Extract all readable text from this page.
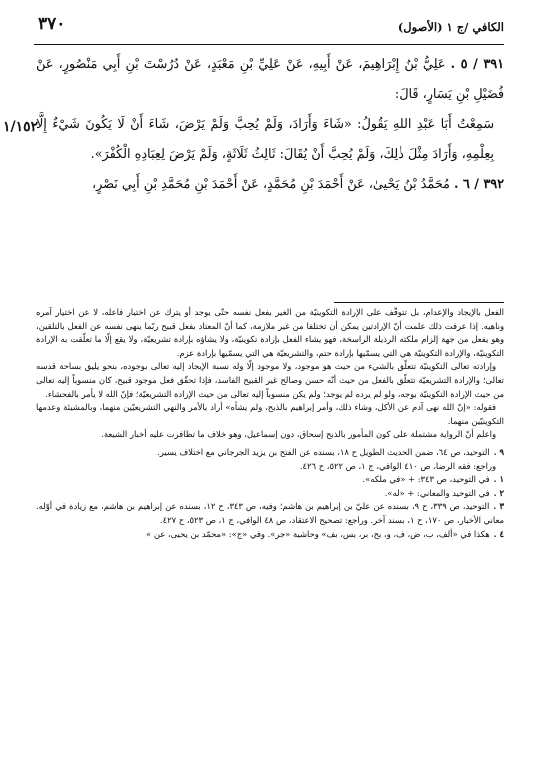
الكافي /ج ١ (الأصول)
٣٧٠

٣٩١ / ٥ . عَلِيُّ بْنُ إِبْرَاهِيمَ، عَنْ أَبِيهِ، عَنْ عَلِيِّ بْنِ مَعْبَدٍ، عَنْ دُرُسْتَ بْنِ أَبِي مَنْصُورٍ، عَنْ فُضَيْلِ بْنِ يَسَارٍ، قَالَ:

سَمِعْتُ أَبَا عَبْدِ اللهِ يَقُولُ: «شَاءَ وَأَرَادَ، وَلَمْ يُحِبَّ وَلَمْ يَرْضَ، شَاءَ أَنْ لَا يَكُونَ شَيْءٌ إِلَّا بِعِلْمِهِ، وَأَرَادَ مِثْلَ ذٰلِكَ، وَلَمْ يُحِبَّ أَنْ يُقَالَ: ثَالِثُ ثَلَاثَةٍ، وَلَمْ يَرْضَ لِعِبَادِهِ الْكُفْرَ».

٣٩٢ / ٦ . مُحَمَّدُ بْنُ يَحْيىٰ، عَنْ أَحْمَدَ بْنِ مُحَمَّدٍ، عَنْ أَحْمَدَ بْنِ مُحَمَّدِ بْنِ أَبِي نَصْرٍ،

١/١٥٢

الفعل بالإيجاد والإعدام، بل تتوقّف على الإرادة التكوينيّة من الغير بفعل نفسه حتّى يوجد أو يترك عن اختيار فاعله، لا عن اختيار آمره وناهيه. إذا عرفت ذلك علمت أنّ الإرادتين يمكن أن تختلفا من غير ملازمة، كما أنّ المعتاد بفعل قبيح ربّما ينهى نفسه عن الفعل بالتلقين، وهو يفعل من جهة إلزام ملكته الرذيلة الراسخة، فهو يشاء الفعل بإرادة تكوينيّة، ولا يشاؤه بإرادة تشريعيّة، ولا يقع إلّا ما تعلّقت به الإرادة التكوينيّة، والإرادة التكوينيّة هي التي يسمّيها بإرادة حتم، والتشريعيّة هي التي يسمّيها بإرادة عزم.

وإرادته تعالى التكوينيّة تتعلّق بالشيء من حيث هو موجود، ولا موجود إلّا وله نسبة الإيجاد إليه تعالى بوجوده، بنحو يليق بساحة قدسه تعالى؛ والإرادة التشريعيّة تتعلّق بالفعل من حيث أنّه حسن وصالح غير القبيح الفاسد، فإذا تحقّق فعل موجود قبيح، كان منسوباً إليه تعالى من حيث الإرادة التكوينيّة بوجه، ولو لم يرده لم يوجد؛ ولم يكن منسوباً إليه تعالى من حيث الإرادة التشريعيّة؛ فإنّ الله لا يأمر بالفحشاء.

فقوله: «إنّ الله نهى آدم عن الأكل، وشاء ذلك، وأمر إبراهيم بالذبح، ولم يشأه» أراد بالأمر والنهي التشريعيّين منهما، وبالمشيئة وعدمها التكوينيّين منهما.

واعلم أنّ الرواية مشتملة على كون المأمور بالذبح إسحاق، دون إسماعيل، وهو خلاف ما تظافرت عليه أخبار الشيعة.

٩ .التوحيد، ص ٦٤، ضمن الحديث الطويل ح ١٨، بسنده عن الفتح بن يزيد الجرجاني مع اختلاف يسير.

وراجع: فقه الرضا، ص ٤١٠ الوافي، ج ١، ص ٥٢٢، ح ٤٢٦.

١ .في التوحيد، ص ٣٤٣: + «في ملكه».

٢ .في التوحيد والمعاني: + «له».

٣ .التوحيد، ص ٣٣٩، ح ٩، بسنده عن عليّ بن إبراهيم بن هاشم؛ وفيه، ص ٣٤٣، ح ١٢، بسنده عن إبراهيم بن هاشم، مع زيادة في أوّله. معاني الأخبار، ص ١٧٠، ح ١، بسند آخر. وراجع: تصحيح الاعتقاد، ص ٤٨ الوافي، ج ١، ص ٥٢٣، ح ٤٢٧.

٤ .هكذا في «ألف، ب، ض، ف، و، بح، بر، بس، بف» وحاشية «جر». وفي «ج»: «محمّد بن يحيى، عن »
